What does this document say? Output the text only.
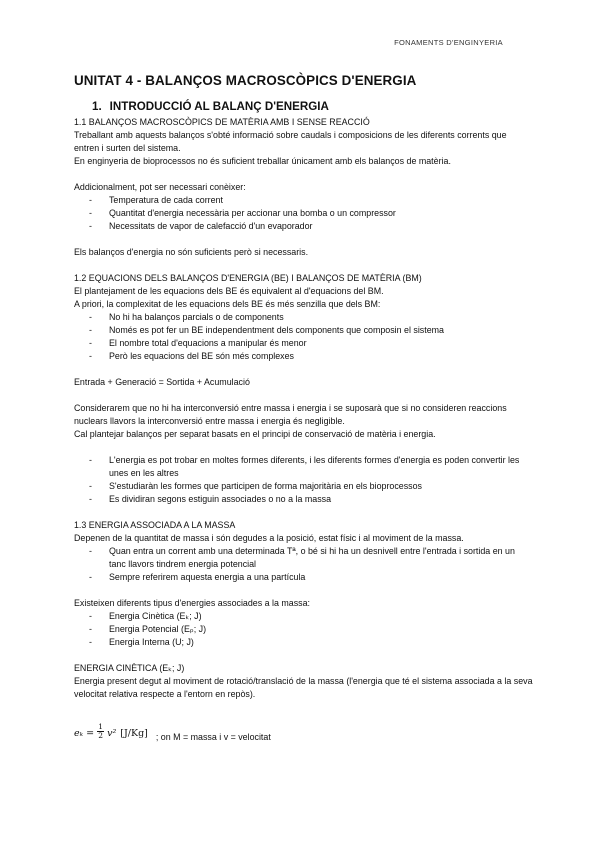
FONAMENTS D'ENGINYERIA
UNITAT 4 - BALANÇOS MACROSCÒPICS D'ENERGIA
1. INTRODUCCIÓ AL BALANÇ D'ENERGIA
1.1 BALANÇOS MACROSCÒPICS DE MATÈRIA AMB I SENSE REACCIÓ

Treballant amb aquests balanços s'obté informació sobre caudals i composicions de les diferents corrents que entren i surten del sistema.

En enginyeria de bioprocessos no és suficient treballar únicament amb els balanços de matèria.

Addicionalment, pot ser necessari conèixer:

- Temperatura de cada corrent
- Quantitat d'energia necessària per accionar una bomba o un compressor
- Necessitats de vapor de calefacció d'un evaporador

Els balanços d'energia no són suficients però si necessaris.

1.2 EQUACIONS DELS BALANÇOS D'ENERGIA (BE) I BALANÇOS DE MATÈRIA (BM)

El plantejament de les equacions dels BE és equivalent al d'equacions del BM.

A priori, la complexitat de les equacions dels BE és més senzilla que dels BM:

- No hi ha balanços parcials o de components
- Només es pot fer un BE independentment dels components que composin el sistema
- El nombre total d'equacions a manipular és menor
- Però les equacions del BE són més complexes

Entrada + Generació = Sortida + Acumulació

Considerarem que no hi ha interconversió entre massa i energia i se suposarà que si no consideren reaccions nuclears llavors la interconversió entre massa i energia és negligible.

Cal plantejar balanços per separat basats en el principi de conservació de matèria i energia.

- L'energia es pot trobar en moltes formes diferents, i les diferents formes d'energia es poden convertir les unes en les altres
- S'estudiaràn les formes que participen de forma majoritària en els bioprocessos
- Es dividiran segons estiguin associades o no a la massa
1.3 ENERGIA ASSOCIADA A LA MASSA

Depenen de la quantitat de massa i són degudes a la posició, estat físic i al moviment de la massa.

- Quan entra un corrent amb una determinada Tª, o bé si hi ha un desnivell entre l'entrada i sortida en un tanc llavors tindrem energia potencial
- Sempre referirem aquesta energia a una partícula

Existeixen diferents tipus d'energies associades a la massa:

- Energia Cinètica (Eₖ; J)
- Energia Potencial (Eₚ; J)
- Energia Interna (U; J)
ENERGIA CINÈTICA (Eₖ; J)

Energia present degut al moviment de rotació/translació de la massa (l'energia que té el sistema associada a la seva velocitat relativa respecte a l'entorn en repòs).

$e_k = \frac{1}{2} v^2$ [J/Kg] ; on M = massa i v = velocitat
